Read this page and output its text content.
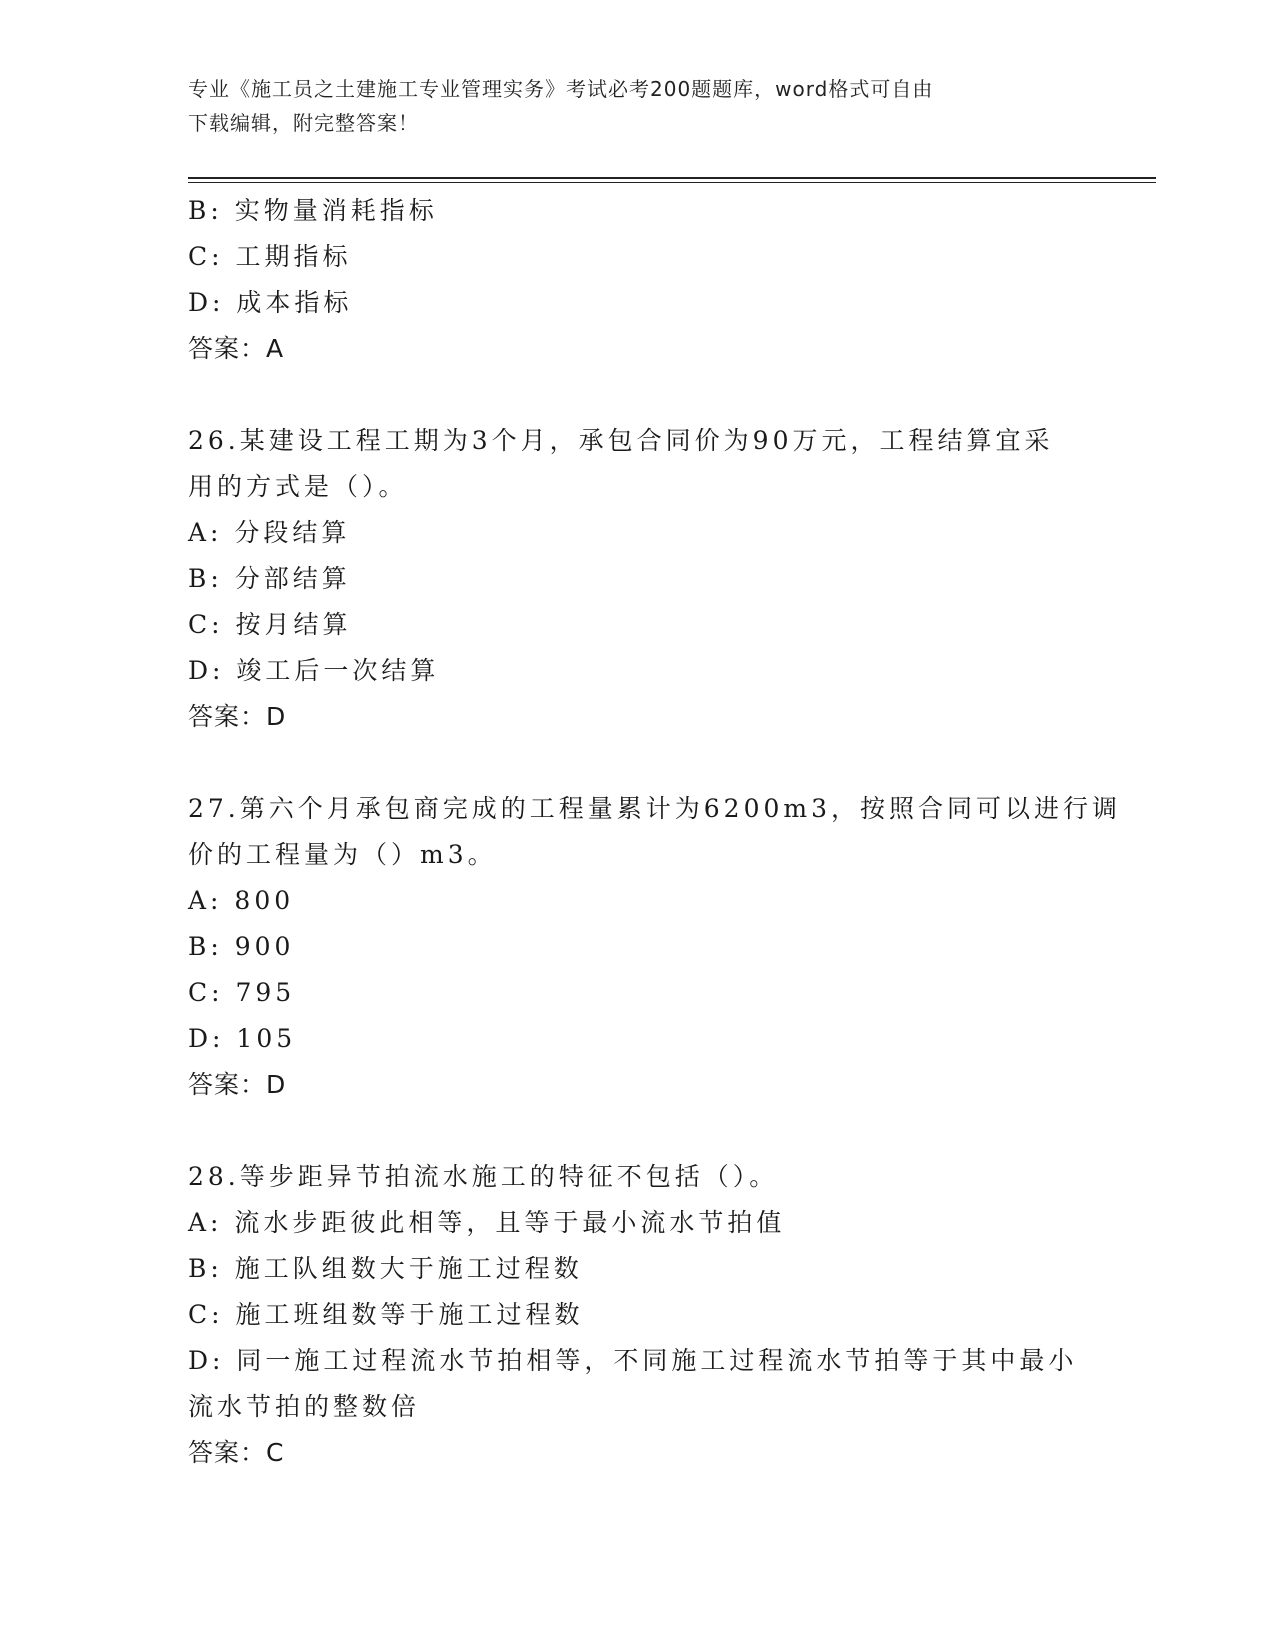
专业《施工员之土建施工专业管理实务》考试必考200题题库，word格式可自由
下载编辑，附完整答案！
B: 实物量消耗指标
C: 工期指标
D: 成本指标
答案：A
26.某建设工程工期为3个月，承包合同价为90万元，工程结算宜采
用的方式是（）。
A: 分段结算
B: 分部结算
C: 按月结算
D: 竣工后一次结算
答案：D
27.第六个月承包商完成的工程量累计为6200m3，按照合同可以进行调
价的工程量为（）m3。
A: 800
B: 900
C: 795
D: 105
答案：D
28.等步距异节拍流水施工的特征不包括（）。
A: 流水步距彼此相等，且等于最小流水节拍值
B: 施工队组数大于施工过程数
C: 施工班组数等于施工过程数
D: 同一施工过程流水节拍相等，不同施工过程流水节拍等于其中最小
流水节拍的整数倍
答案：C
